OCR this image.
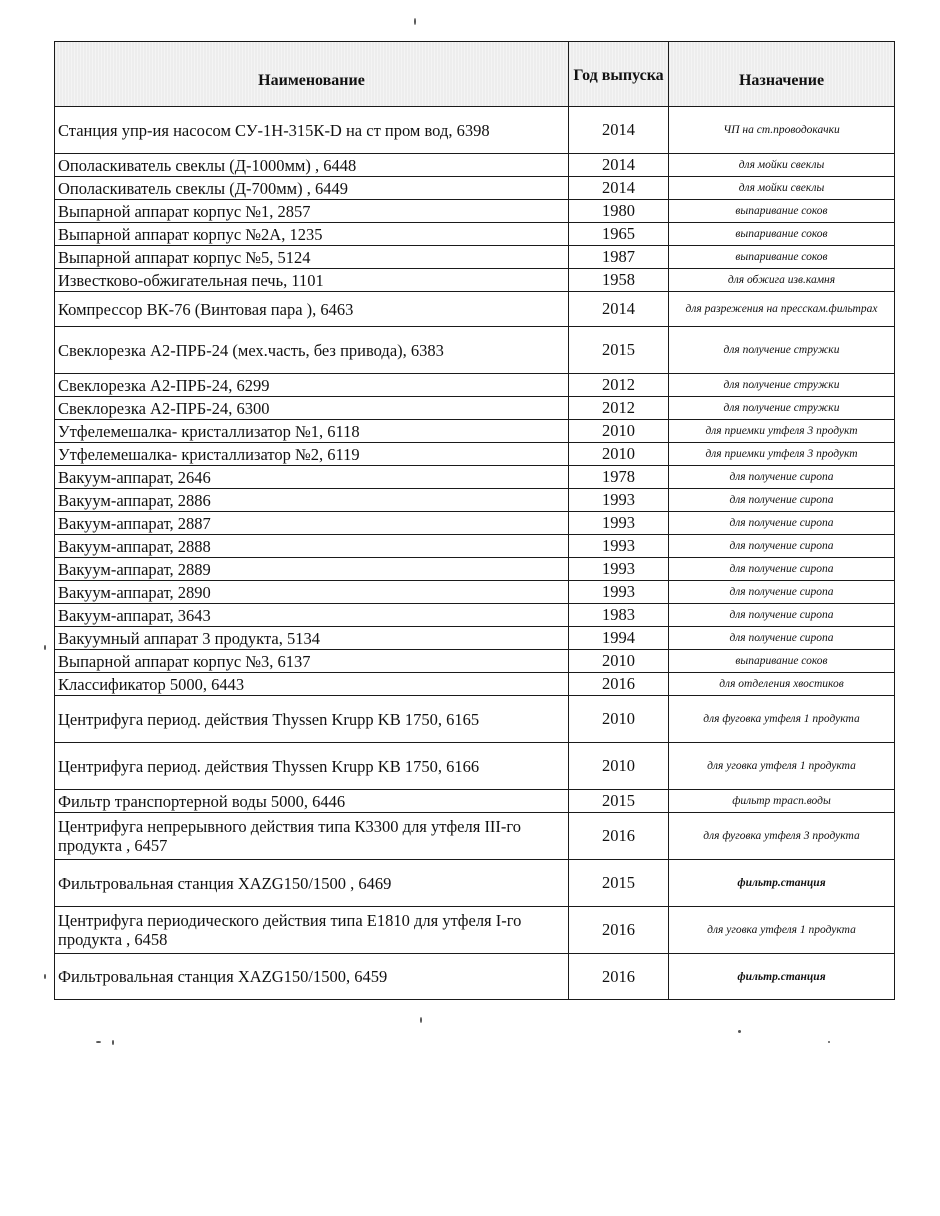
Наименование	Год выпуска	Назначение
Станция упр-ия насосом СУ-1Н-315К-D на ст пром вод, 6398	2014	ЧП на ст.проводокачки
Ополаскиватель свеклы (Д-1000мм) , 6448	2014	для мойки свеклы
Ополаскиватель свеклы (Д-700мм) , 6449	2014	для мойки свеклы
Выпарной аппарат корпус №1, 2857	1980	выпаривание соков
Выпарной аппарат корпус №2А, 1235	1965	выпаривание соков
Выпарной аппарат корпус №5, 5124	1987	выпаривание соков
Известково-обжигательная печь, 1101	1958	для обжига изв.камня
Компрессор ВК-76 (Винтовая пара ), 6463	2014	для разрежения на пресскам.фильтрах
Свеклорезка А2-ПРБ-24 (мех.часть, без привода), 6383	2015	для получение стружки
Свеклорезка А2-ПРБ-24, 6299	2012	для получение стружки
Свеклорезка А2-ПРБ-24, 6300	2012	для получение стружки
Утфелемешалка- кристаллизатор №1, 6118	2010	для приемки утфеля 3 продукт
Утфелемешалка- кристаллизатор №2, 6119	2010	для приемки утфеля 3 продукт
Вакуум-аппарат, 2646	1978	для получение сиропа
Вакуум-аппарат, 2886	1993	для получение сиропа
Вакуум-аппарат, 2887	1993	для получение сиропа
Вакуум-аппарат, 2888	1993	для получение сиропа
Вакуум-аппарат, 2889	1993	для получение сиропа
Вакуум-аппарат, 2890	1993	для получение сиропа
Вакуум-аппарат, 3643	1983	для получение сиропа
Вакуумный аппарат 3 продукта, 5134	1994	для получение сиропа
Выпарной аппарат корпус №3, 6137	2010	выпаривание соков
Классификатор 5000, 6443	2016	для отделения хвостиков
Центрифуга период. действия Thyssen Krupp KB 1750, 6165	2010	для фуговка утфеля 1 продукта
Центрифуга период. действия Thyssen Krupp KB 1750, 6166	2010	для уговка утфеля 1 продукта
Фильтр транспортерной воды 5000, 6446	2015	фильтр трасп.воды
Центрифуга непрерывного действия типа К3300 для утфеля III-го продукта , 6457	2016	для фуговка утфеля 3 продукта
Фильтровальная станция XAZG150/1500 , 6469	2015	фильтр.станция
Центрифуга периодического действия типа Е1810 для утфеля I-го продукта , 6458	2016	для уговка утфеля 1 продукта
Фильтровальная станция XAZG150/1500, 6459	2016	фильтр.станция
